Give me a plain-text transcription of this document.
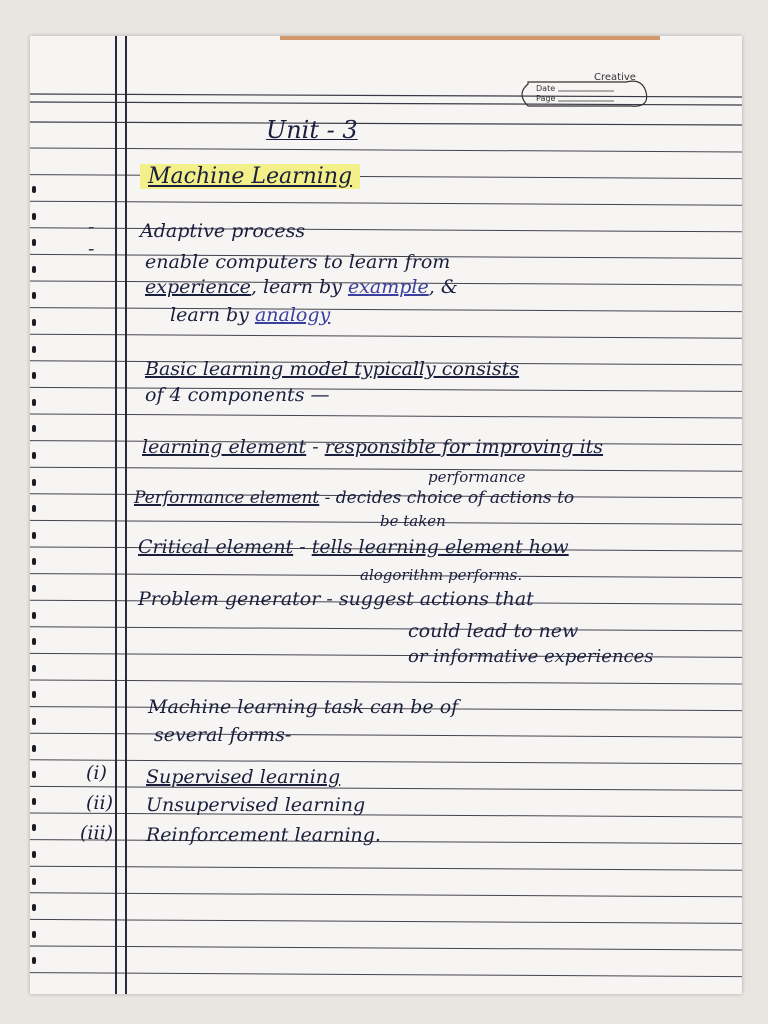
Creative
Date
Page
Unit - 3
Machine Learning
-
-
Adaptive process
enable computers to learn from
experience, learn by example, &
learn by analogy
Basic learning model typically consists
of 4 components —
learning element - responsible for improving its
performance
Performance element - decides choice of actions to
be taken
Critical element - tells learning element how
alogorithm performs.
Problem generator - suggest actions that
could lead to new
or informative experiences
Machine learning task can be of
several forms-
(i) Supervised learning
(ii) Unsupervised learning
(iii) Reinforcement learning.
